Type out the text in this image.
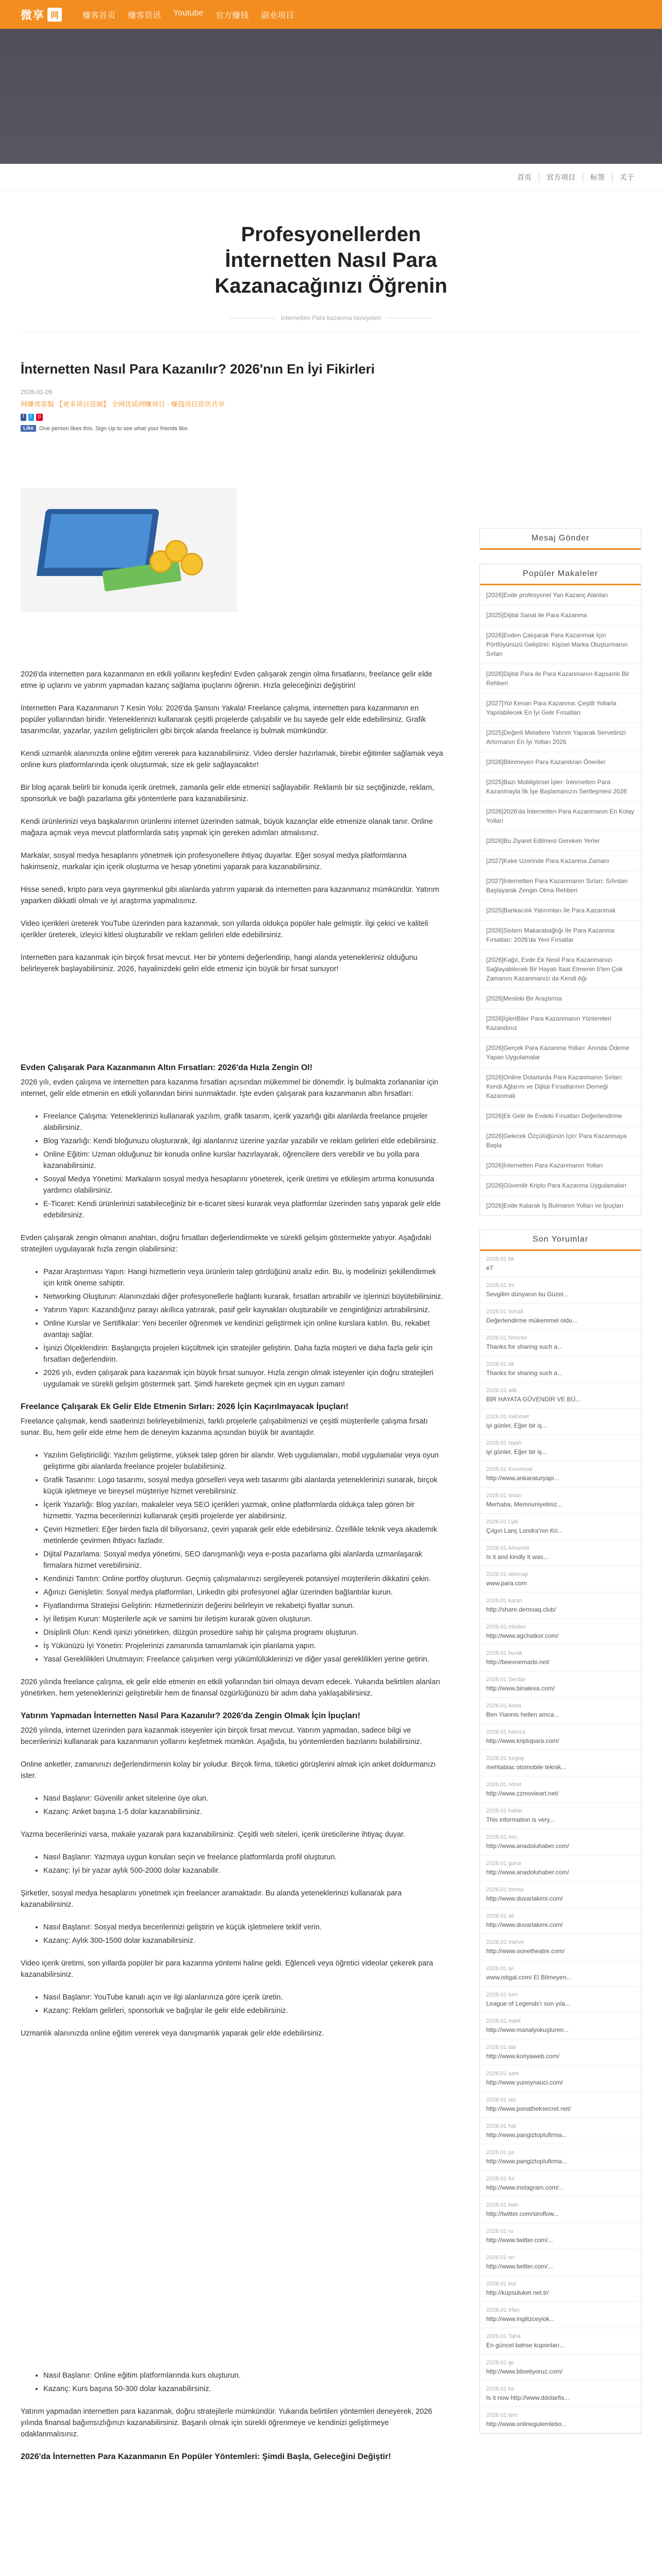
微享 网	赚客首页 赚客资讯 Youtube 官方赚钱 副业项目
首页	官方项目	标签	关于
Profesyonellerden İnternetten Nasıl Para Kazanacağınızı Öğrenin
İnternetten Para kazanma tavsiyeleri
İnternetten Nasıl Para Kazanılır? 2026'nın En İyi Fikirleri
2026-01-05
网赚邦客服 【更多项目资源】 全网优质网赚项目 · 赚钱项目资讯共享
f	t	p
Like	One person likes this. Sign Up to see what your friends like.

2026'da internetten para kazanmanın en etkili yollarını keşfedin! Evden çalışarak zengin olma fırsatlarını, freelance gelir elde etme ip uçlarını ve yatırım yapmadan kazanç sağlama ipuçlarını öğrenin. Hızla geleceğinizi değiştirin!

İnternetten Para Kazanmanın 7 Kesin Yolu: 2026'da Şansını Yakala! Freelance çalışma, internetten para kazanmanın en popüler yollarından biridir. Yeteneklerinizi kullanarak çeşitli projelerde çalışabilir ve bu sayede gelir elde edebilirsiniz. Grafik tasarımcılar, yazarlar, yazılım geliştiricileri gibi birçok alanda freelance iş bulmak mümkündür.

Kendi uzmanlık alanınızda online eğitim vererek para kazanabilirsiniz. Video dersler hazırlamak, birebir eğitimler sağlamak veya online kurs platformlarında içerik oluşturmak, size ek gelir sağlayacaktır!

Bir blog açarak belirli bir konuda içerik üretmek, zamanla gelir elde etmenizi sağlayabilir. Reklamlı bir siz seçtiğinizde, reklam, sponsorluk ve bağlı pazarlama gibi yöntemlerle para kazanabilirsiniz.

Kendi ürünlerinizi veya başkalarının ürünlerini internet üzerinden satmak, büyük kazançlar elde etmenize olanak tanır. Online mağaza açmak veya mevcut platformlarda satış yapmak için gereken adımları atmalısınız.

Markalar, sosyal medya hesaplarını yönetmek için profesyonellere ihtiyaç duyarlar. Eğer sosyal medya platformlarına hakimseniz, markalar için içerik oluşturma ve hesap yönetimi yaparak para kazanabilirsiniz.

Hisse senedi, kripto para veya gayrimenkul gibi alanlarda yatırım yaparak da internetten para kazanmanız mümkündür. Yatırım yaparken dikkatli olmalı ve iyi araştırma yapmalısınız.

Video içerikleri üreterek YouTube üzerinden para kazanmak, son yıllarda oldukça popüler hale gelmiştir. İlgi çekici ve kaliteli içerikler üreterek, izleyici kitlesi oluşturabilir ve reklam gelirleri elde edebilirsiniz.

İnternetten para kazanmak için birçok fırsat mevcut. Her bir yöntemi değerlendirip, hangi alanda yetenekleriniz olduğunu belirleyerek başlayabilirsiniz. 2026, hayalinizdeki geliri elde etmeniz için büyük bir fırsat sunuyor!

Evden Çalışarak Para Kazanmanın Altın Fırsatları: 2026'da Hızla Zengin Ol!

2026 yılı, evden çalışma ve internetten para kazanma fırsatları açısından mükemmel bir dönemdir. İş bulmakta zorlananlar için internet, gelir elde etmenin en etkili yollarından birini sunmaktadır. İşte evden çalışarak para kazanmanın altın fırsatları:

• Freelance Çalışma: Yeteneklerinizi kullanarak yazılım, grafik tasarım, içerik yazarlığı gibi alanlarda freelance projeler alabilirsiniz.
• Blog Yazarlığı: Kendi bloğunuzu oluşturarak, ilgi alanlarınız üzerine yazılar yazabilir ve reklam gelirleri elde edebilirsiniz.
• Online Eğitim: Uzman olduğunuz bir konuda online kurslar hazırlayarak, öğrencilere ders verebilir ve bu yolla para kazanabilirsiniz.
• Sosyal Medya Yönetimi: Markaların sosyal medya hesaplarını yöneterek, içerik üretimi ve etkileşim artırma konusunda yardımcı olabilirsiniz.
• E-Ticaret: Kendi ürünlerinizi satabileceğiniz bir e-ticaret sitesi kurarak veya platformlar üzerinden satış yaparak gelir elde edebilirsiniz.

Evden çalışarak zengin olmanın anahtarı, doğru fırsatları değerlendirmekte ve sürekli gelişim göstermekte yatıyor. Aşağıdaki stratejileri uygulayarak hızla zengin olabilirsiniz:

• Pazar Araştırması Yapın: Hangi hizmetlerin veya ürünlerin talep gördüğünü analiz edin. Bu, iş modelinizi şekillendirmek için kritik öneme sahiptir.
• Networking Oluşturun: Alanınızdaki diğer profesyonellerle bağlantı kurarak, fırsatları artırabilir ve işlerinizi büyütebilirsiniz.
• Yatırım Yapın: Kazandığınız parayı akıllıca yatırarak, pasif gelir kaynakları oluşturabilir ve zenginliğinizi artırabilirsiniz.
• Online Kurslar ve Sertifikalar: Yeni beceriler öğrenmek ve kendinizi geliştirmek için online kurslara katılın. Bu, rekabet avantajı sağlar.
• İşinizi Ölçeklendirin: Başlangıçta projeleri küçültmek için stratejiler geliştirin. Daha fazla müşteri ve daha fazla gelir için fırsatları değerlendirin.
• 2026 yılı, evden çalışarak para kazanmak için büyük fırsat sunuyor. Hızla zengin olmak isteyenler için doğru stratejileri uygulamak ve sürekli gelişim göstermek şart. Şimdi harekete geçmek için en uygun zaman!
Freelance Çalışarak Ek Gelir Elde Etmenin Sırları: 2026 İçin Kaçırılmayacak İpuçları!

Freelance çalışmak, kendi saatlerinizi belirleyebilmenizi, farklı projelerle çalışabilmenizi ve çeşitli müşterilerle çalışma fırsatı sunar. Bu, hem gelir elde etme hem de deneyim kazanma açısından büyük bir avantajdır.

• Yazılım Geliştiriciliği: Yazılım geliştirme, yüksek talep gören bir alandır. Web uygulamaları, mobil uygulamalar veya oyun geliştirme gibi alanlarda freelance projeler bulabilirsiniz.
• Grafik Tasarımı: Logo tasarımı, sosyal medya görselleri veya web tasarımı gibi alanlarda yeteneklerinizi sunarak, birçok küçük işletmeye ve bireysel müşteriye hizmet verebilirsiniz.
• İçerik Yazarlığı: Blog yazıları, makaleler veya SEO içerikleri yazmak, online platformlarda oldukça talep gören bir hizmettir. Yazma becerilerinizi kullanarak çeşitli projelerde yer alabilirsiniz.
• Çeviri Hizmetleri: Eğer birden fazla dil biliyorsanız, çeviri yaparak gelir elde edebilirsiniz. Özellikle teknik veya akademik metinlerde çevirmen ihtiyacı fazladır.
• Dijital Pazarlama: Sosyal medya yönetimi, SEO danışmanlığı veya e-posta pazarlama gibi alanlarda uzmanlaşarak firmalara hizmet verebilirsiniz.
• Kendinizi Tanıtın: Online portföy oluşturun. Geçmiş çalışmalarınızı sergileyerek potansiyel müşterilerin dikkatini çekin.
• Ağınızı Genişletin: Sosyal medya platformları, LinkedIn gibi profesyonel ağlar üzerinden bağlantılar kurun.
• Fiyatlandırma Stratejisi Geliştirin: Hizmetlerinizin değerini belirleyin ve rekabetçi fiyatlar sunun.
• İyi İletişim Kurun: Müşterilerle açık ve samimi bir iletişim kurarak güven oluşturun.
• Disiplinli Olun: Kendi işinizi yönetirken, düzgün prosedüre sahip bir çalışma programı oluşturun.
• İş Yükünüzü İyi Yönetin: Projelerinizi zamanında tamamlamak için planlama yapın.
• Yasal Gereklilikleri Unutmayın: Freelance çalışırken vergi yükümlülüklerinizi ve diğer yasal gereklilikleri yerine getirin.

2026 yılında freelance çalışma, ek gelir elde etmenin en etkili yollarından biri olmaya devam edecek. Yukarıda belirtilen alanları yönetirken, hem yeteneklerinizi geliştirebilir hem de finansal özgürlüğünüzü bir adım daha yaklaşabilirsiniz.

Yatırım Yapmadan İnternetten Nasıl Para Kazanılır? 2026'da Zengin Olmak İçin İpuçları!

2026 yılında, internet üzerinden para kazanmak isteyenler için birçok fırsat mevcut. Yatırım yapmadan, sadece bilgi ve becerilerinizi kullanarak para kazanmanın yollarını keşfetmek mümkün. Aşağıda, bu yöntemlerden bazılarını bulabilirsiniz.

Online anketler, zamanınızı değerlendirmenin kolay bir yoludur. Birçok firma, tüketici görüşlerini almak için anket doldurmanızı ister.

• Nasıl Başlanır: Güvenilir anket sitelerine üye olun.
• Kazanç: Anket başına 1-5 dolar kazanabilirsiniz.

Yazma becerilerinizi varsa, makale yazarak para kazanabilirsiniz. Çeşitli web siteleri, içerik üreticilerine ihtiyaç duyar.

• Nasıl Başlanır: Yazmaya uygun konuları seçin ve freelance platformlarda profil oluşturun.
• Kazanç: İyi bir yazar aylık 500-2000 dolar kazanabilir.

Şirketler, sosyal medya hesaplarını yönetmek için freelancer aramaktadır. Bu alanda yeteneklerinizi kullanarak para kazanabilirsiniz.

• Nasıl Başlanır: Sosyal medya becerilerinizi geliştirin ve küçük işletmelere teklif verin.
• Kazanç: Aylık 300-1500 dolar kazanabilirsiniz.

Video içerik üretimi, son yıllarda popüler bir para kazanma yöntemi haline geldi. Eğlenceli veya öğretici videolar çekerek para kazanabilirsiniz.

• Nasıl Başlanır: YouTube kanalı açın ve ilgi alanlarınıza göre içerik üretin.
• Kazanç: Reklam gelirleri, sponsorluk ve bağışlar ile gelir elde edebilirsiniz.

Uzmanlık alanınızda online eğitim vererek veya danışmanlık yaparak gelir elde edebilirsiniz.

• Nasıl Başlanır: Online eğitim platformlarında kurs oluşturun.
• Kazanç: Kurs başına 50-300 dolar kazanabilirsiniz.

Yatırım yapmadan internetten para kazanmak, doğru stratejilerle mümkündür. Yukarıda belirtilen yöntemleri deneyerek, 2026 yılında finansal bağımsızlığınızı kazanabilirsiniz. Başarılı olmak için sürekli öğrenmeye ve kendinizi geliştirmeye odaklanmalısınız.

2026'da İnternetten Para Kazanmanın En Popüler Yöntemleri: Şimdi Başla, Geleceğini Değiştir!
Mesaj Gönder
Popüler Makaleler
[2026]Evde profesyonel Yan Kazanç Alanları
[2025]Dijital Sanat ile Para Kazanma
[2026]Evden Çalışarak Para Kazanmak İçin Pörtföyünüzü Geliştirin: Kişisel Marka Oluşturmanın Sırları
[2026]Dijital Para ile Para Kazanmanın Kapsamlı Bir Rehberi
[2027]Yol Kenarı Para Kazanma: Çeşitli Yollarla Yapılabilecek En İyi Gelir Fırsatları
[2025]Değerli Metallere Yatırım Yaparak Servetinizi Artırmanın En İyi Yolları 2026
[2026]Bilinmeyen Para Kazandıran Öneriler
[2025]Bazı Mobilgörsel İşler: İnternetten Para Kazanmayla İlk İşe Başlamanızın Sertleşmesi 2026
[2026]2026'da İnternetten Para Kazanmanın En Kolay Yolları
[2026]Bu Ziyaret Edilmesi Gereken Yerler
[2027]Keke Uzerinde Para Kazanma Zamanı
[2027]İnternetten Para Kazanmanın Sırları: Sıfırdan Başlayarak Zengin Olma Rehberi
[2025]Bankacılık Yatırımları İle Para Kazanmak
[2026]Sistem Makarabağlığı İle Para Kazanma Fırsatları: 2026'da Yeni Fırsatlar
[2026]Kağıt, Evde Ek Nesil Para Kazanmanızı Sağlayabilecek Bir Hayatı İtaat Etmenin 5'ten Çok Zamanını Kazanmanızı da Kendi Ağı
[2026]Mesleki Bir Araştırma
[2026]İşleriBiler Para Kazanmanın Yöntemleri Kazandınız
[2026]Gerçek Para Kazanma Yolları: Anında Ödeme Yapan Uygulamalar
[2026]Online Dolarlarda Para Kazanmanın Sırları: Kendi Ağlarını ve Dijital Fırsatlarının Derneği Kazanmak
[2026]Ek Gelir ile Evdeki Fırsatları Değerlendirme
[2026]Gelecek Özçülüğünün İçin: Para Kazanmaya Başla
[2026]İnternetten Para Kazanmanın Yolları
[2026]Güvenilir Kripto Para Kazanma Uygulamaları
[2026]Evde Kalarak İş Bulmanın Yolları ve İpuçları
Son Yorumlar
2026.01 bk
e7
2026.01 tm
Sevgilim dünyanın bu Güzel...
2026.01 İsmail
Değerlendirme mükemmel oldu...
2026.01 hmcnet
Thanks for sharing such a...
2026.01 ok
Thanks for sharing such a...
2026.01 atik
BİR HAYATA GÜVENDİR VE BÜ...
2026.01 mehmet
iyi günler, Eğer bir iş...
2026.01 siyah
iyi günler, Eğer bir iş...
2026.01 Kurumsal
http://www.ankaraturyapi...
2026.01 sinan
Merhaba, Memnuniyetiniz...
2026.01 Lyle
Çılgın Lanç Londra'nın Kri...
2026.01 Amanda
Is it and kindly It was...
2026.01 sitemap
www.para.com
2026.01 karan
http://share.demoaq.club/
2026.01 mhdeo
http://www.agchatkor.com/
2026.01 burak
http://beevoemarbi.net/
2026.01 Serdar
http://www.binalexa.com/
2026.01 Anna
Ben Yiannis hellen amca...
2026.01 hamza
http://www.kriptopara.com/
2026.01 turgay
mehtabiac otomobile teknik...
2026.01 nöret
http://www.zzmovieart.net/
2026.01 haber
This information is very...
2026.01 mrc
http://www.anadoluhaber.com/
2026.01 gurur
http://www.anadoluhaber.com/
2026.01 tomas
http://www.duvarlakimi.com/
2026.01 ali
http://www.duvarlakimi.com/
2026.01 merve
http://www.oonetheatre.com/
2026.01 iyi
www.istigal.com/ El Bilmeyen...
2026.01 tum
League of Legends'ı son yıla...
2026.01 mark
http://www.manalyokuşturen...
2026.01 dar
http://www.konyaweb.com/
2026.01 sam
http://www.yunoynauci.com/
2026.01 sto
http://www.ponatheksecret.net/
2026.01 hal
http://www.pangiztoplufirma...
2026.01 jur
http://www.pangiztoplufirma...
2026.01 fui
http://www.instagram.com/...
2026.01 twin
http://twitter.com/siroflow...
2026.01 ru
http://www.twitter.com/...
2026.01 sri
http://www.twitter.com/...
2026.01 bul
http://kupsuluket.net.tr/
2026.01 Irfan
http://www.ingilizceyiok...
2026.01 Taha
En güncel bahse kuponları...
2026.01 gc
http://www.bilsetiyoruz.com/
2026.01 ks
Is it now http://www.ddolarfis...
2026.01 tem
http://www.onlinegulemlebo...
